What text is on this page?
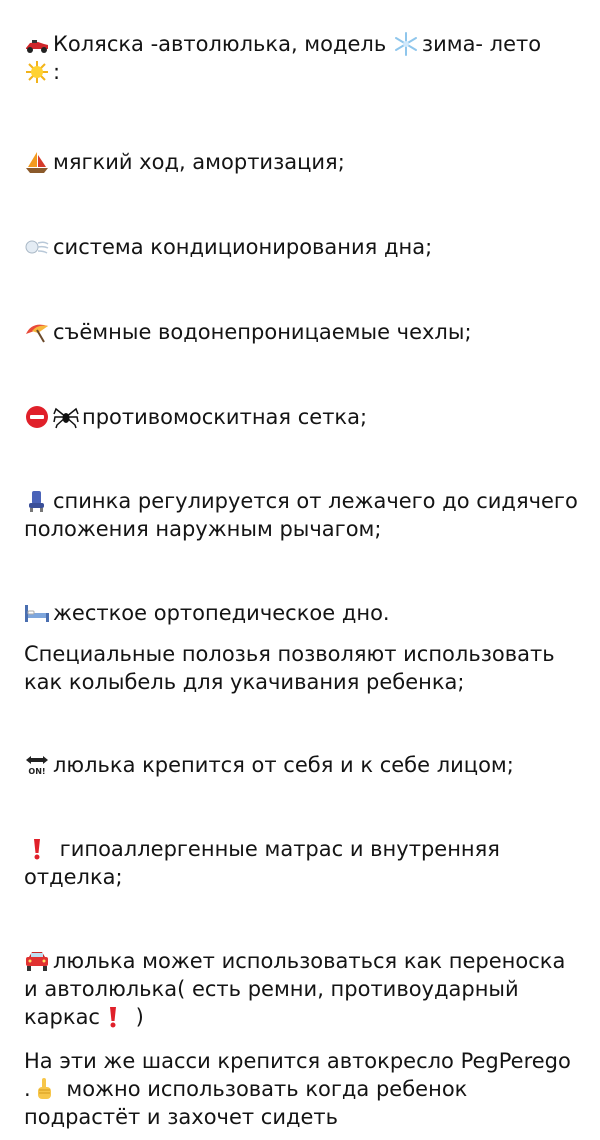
Коляска -автолюлька, модель
зима- лето

:
мягкий ход, амортизация;
система кондиционирования дна;
съёмные водонепроницаемые чехлы;
противомоскитная сетка;
спинка регулируется от лежачего до сидячего положения наружным рычагом;
жесткое ортопедическое дно.
Специальные полозья позволяют использовать как колыбель для укачивания ребенка;
ON! люлька крепится от себя и к себе лицом;
гипоаллергенные матрас и внутренняя отделка;
люлька может использоваться как переноска и автолюлька( есть ремни, противоударный каркас
)
На эти же шасси крепится автокресло PegPerego .
можно использовать когда ребенок подрастёт и захочет сидеть
